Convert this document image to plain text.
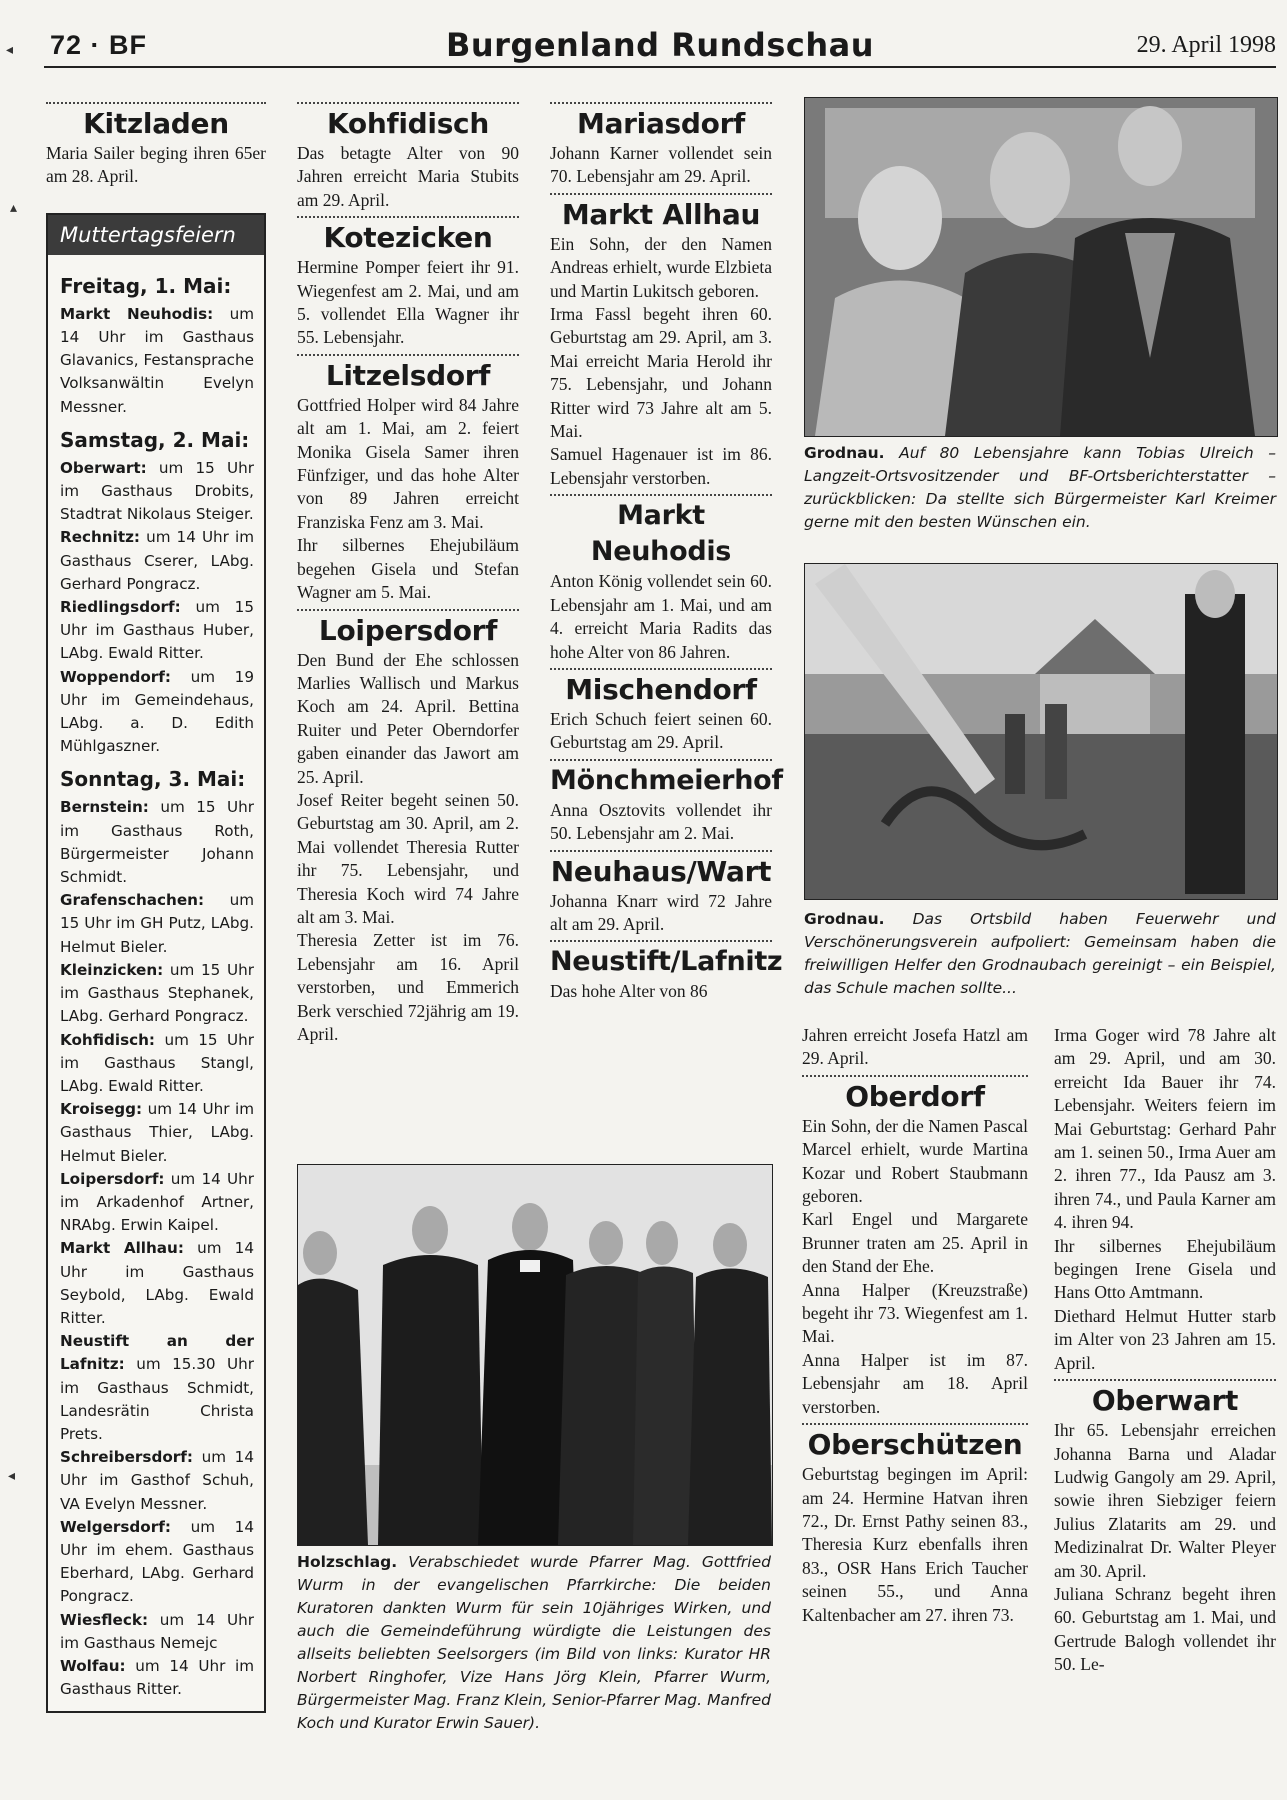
72 · BF	Burgenland Rundschau	29. April 1998
Kitzladen

Maria Sailer beging ihren 65er am 28. April.

Muttertagsfeiern
Freitag, 1. Mai:

Markt Neuhodis: um 14 Uhr im Gasthaus Glavanics, Festansprache Volksanwältin Evelyn Messner.

Samstag, 2. Mai:

Oberwart: um 15 Uhr im Gasthaus Drobits, Stadtrat Nikolaus Steiger.

Rechnitz: um 14 Uhr im Gasthaus Cserer, LAbg. Gerhard Pongracz.

Riedlingsdorf: um 15 Uhr im Gasthaus Huber, LAbg. Ewald Ritter.

Woppendorf: um 19 Uhr im Gemeindehaus, LAbg. a. D. Edith Mühlgaszner.

Sonntag, 3. Mai:

Bernstein: um 15 Uhr im Gasthaus Roth, Bürgermeister Johann Schmidt.

Grafenschachen: um 15 Uhr im GH Putz, LAbg. Helmut Bieler.

Kleinzicken: um 15 Uhr im Gasthaus Stephanek, LAbg. Gerhard Pongracz.

Kohfidisch: um 15 Uhr im Gasthaus Stangl, LAbg. Ewald Ritter.

Kroisegg: um 14 Uhr im Gasthaus Thier, LAbg. Helmut Bieler.

Loipersdorf: um 14 Uhr im Arkadenhof Artner, NRAbg. Erwin Kaipel.

Markt Allhau: um 14 Uhr im Gasthaus Seybold, LAbg. Ewald Ritter.

Neustift an der Lafnitz: um 15.30 Uhr im Gasthaus Schmidt, Landesrätin Christa Prets.

Schreibersdorf: um 14 Uhr im Gasthof Schuh, VA Evelyn Messner.

Welgersdorf: um 14 Uhr im ehem. Gasthaus Eberhard, LAbg. Gerhard Pongracz.

Wiesfleck: um 14 Uhr im Gasthaus Nemejc

Wolfau: um 14 Uhr im Gasthaus Ritter.

Kohfidisch

Das betagte Alter von 90 Jahren erreicht Maria Stubits am 29. April.

Kotezicken

Hermine Pomper feiert ihr 91. Wiegenfest am 2. Mai, und am 5. vollendet Ella Wagner ihr 55. Lebensjahr.

Litzelsdorf

Gottfried Holper wird 84 Jahre alt am 1. Mai, am 2. feiert Monika Gisela Samer ihren Fünfziger, und das hohe Alter von 89 Jahren erreicht Franziska Fenz am 3. Mai.

Ihr silbernes Ehejubiläum begehen Gisela und Stefan Wagner am 5. Mai.

Loipersdorf

Den Bund der Ehe schlossen Marlies Wallisch und Markus Koch am 24. April. Bettina Ruiter und Peter Oberndorfer gaben einander das Jawort am 25. April.

Josef Reiter begeht seinen 50. Geburtstag am 30. April, am 2. Mai vollendet Theresia Rutter ihr 75. Lebensjahr, und Theresia Koch wird 74 Jahre alt am 3. Mai.

Theresia Zetter ist im 76. Lebensjahr am 16. April verstorben, und Emmerich Berk verschied 72jährig am 19. April.

Mariasdorf

Johann Karner vollendet sein 70. Lebensjahr am 29. April.

Markt Allhau

Ein Sohn, der den Namen Andreas erhielt, wurde Elzbieta und Martin Lukitsch geboren.

Irma Fassl begeht ihren 60. Geburtstag am 29. April, am 3. Mai erreicht Maria Herold ihr 75. Lebensjahr, und Johann Ritter wird 73 Jahre alt am 5. Mai.

Samuel Hagenauer ist im 86. Lebensjahr verstorben.

Markt Neuhodis

Anton König vollendet sein 60. Lebensjahr am 1. Mai, und am 4. erreicht Maria Radits das hohe Alter von 86 Jahren.

Mischendorf

Erich Schuch feiert seinen 60. Geburtstag am 29. April.

Mönchmeierhof

Anna Osztovits vollendet ihr 50. Lebensjahr am 2. Mai.

Neuhaus/Wart

Johanna Knarr wird 72 Jahre alt am 29. April.

Neustift/Lafnitz

Das hohe Alter von 86

Grodnau. Auf 80 Lebensjahre kann Tobias Ulreich – Langzeit-Ortsvositzender und BF-Ortsberichterstatter – zurückblicken: Da stellte sich Bürgermeister Karl Kreimer gerne mit den besten Wünschen ein.
Grodnau. Das Ortsbild haben Feuerwehr und Verschönerungsverein aufpoliert: Gemeinsam haben die freiwilligen Helfer den Grodnaubach gereinigt – ein Beispiel, das Schule machen sollte...
Holzschlag. Verabschiedet wurde Pfarrer Mag. Gottfried Wurm in der evangelischen Pfarrkirche: Die beiden Kuratoren dankten Wurm für sein 10jähriges Wirken, und auch die Gemeindeführung würdigte die Leistungen des allseits beliebten Seelsorgers (im Bild von links: Kurator HR Norbert Ringhofer, Vize Hans Jörg Klein, Pfarrer Wurm, Bürgermeister Mag. Franz Klein, Senior-Pfarrer Mag. Manfred Koch und Kurator Erwin Sauer).

Jahren erreicht Josefa Hatzl am 29. April.

Oberdorf

Ein Sohn, der die Namen Pascal Marcel erhielt, wurde Martina Kozar und Robert Staubmann geboren.

Karl Engel und Margarete Brunner traten am 25. April in den Stand der Ehe.

Anna Halper (Kreuzstraße) begeht ihr 73. Wiegenfest am 1. Mai.

Anna Halper ist im 87. Lebensjahr am 18. April verstorben.

Oberschützen

Geburtstag begingen im April: am 24. Hermine Hatvan ihren 72., Dr. Ernst Pathy seinen 83., Theresia Kurz ebenfalls ihren 83., OSR Hans Erich Taucher seinen 55., und Anna Kaltenbacher am 27. ihren 73.

Irma Goger wird 78 Jahre alt am 29. April, und am 30. erreicht Ida Bauer ihr 74. Lebensjahr. Weiters feiern im Mai Geburtstag: Gerhard Pahr am 1. seinen 50., Irma Auer am 2. ihren 77., Ida Pausz am 3. ihren 74., und Paula Karner am 4. ihren 94.

Ihr silbernes Ehejubiläum begingen Irene Gisela und Hans Otto Amtmann.

Diethard Helmut Hutter starb im Alter von 23 Jahren am 15. April.

Oberwart

Ihr 65. Lebensjahr erreichen Johanna Barna und Aladar Ludwig Gangoly am 29. April, sowie ihren Siebziger feiern Julius Zlatarits am 29. und Medizinalrat Dr. Walter Pleyer am 30. April.

Juliana Schranz begeht ihren 60. Geburtstag am 1. Mai, und Gertrude Balogh vollendet ihr 50. Le-

◂
▴
◂
